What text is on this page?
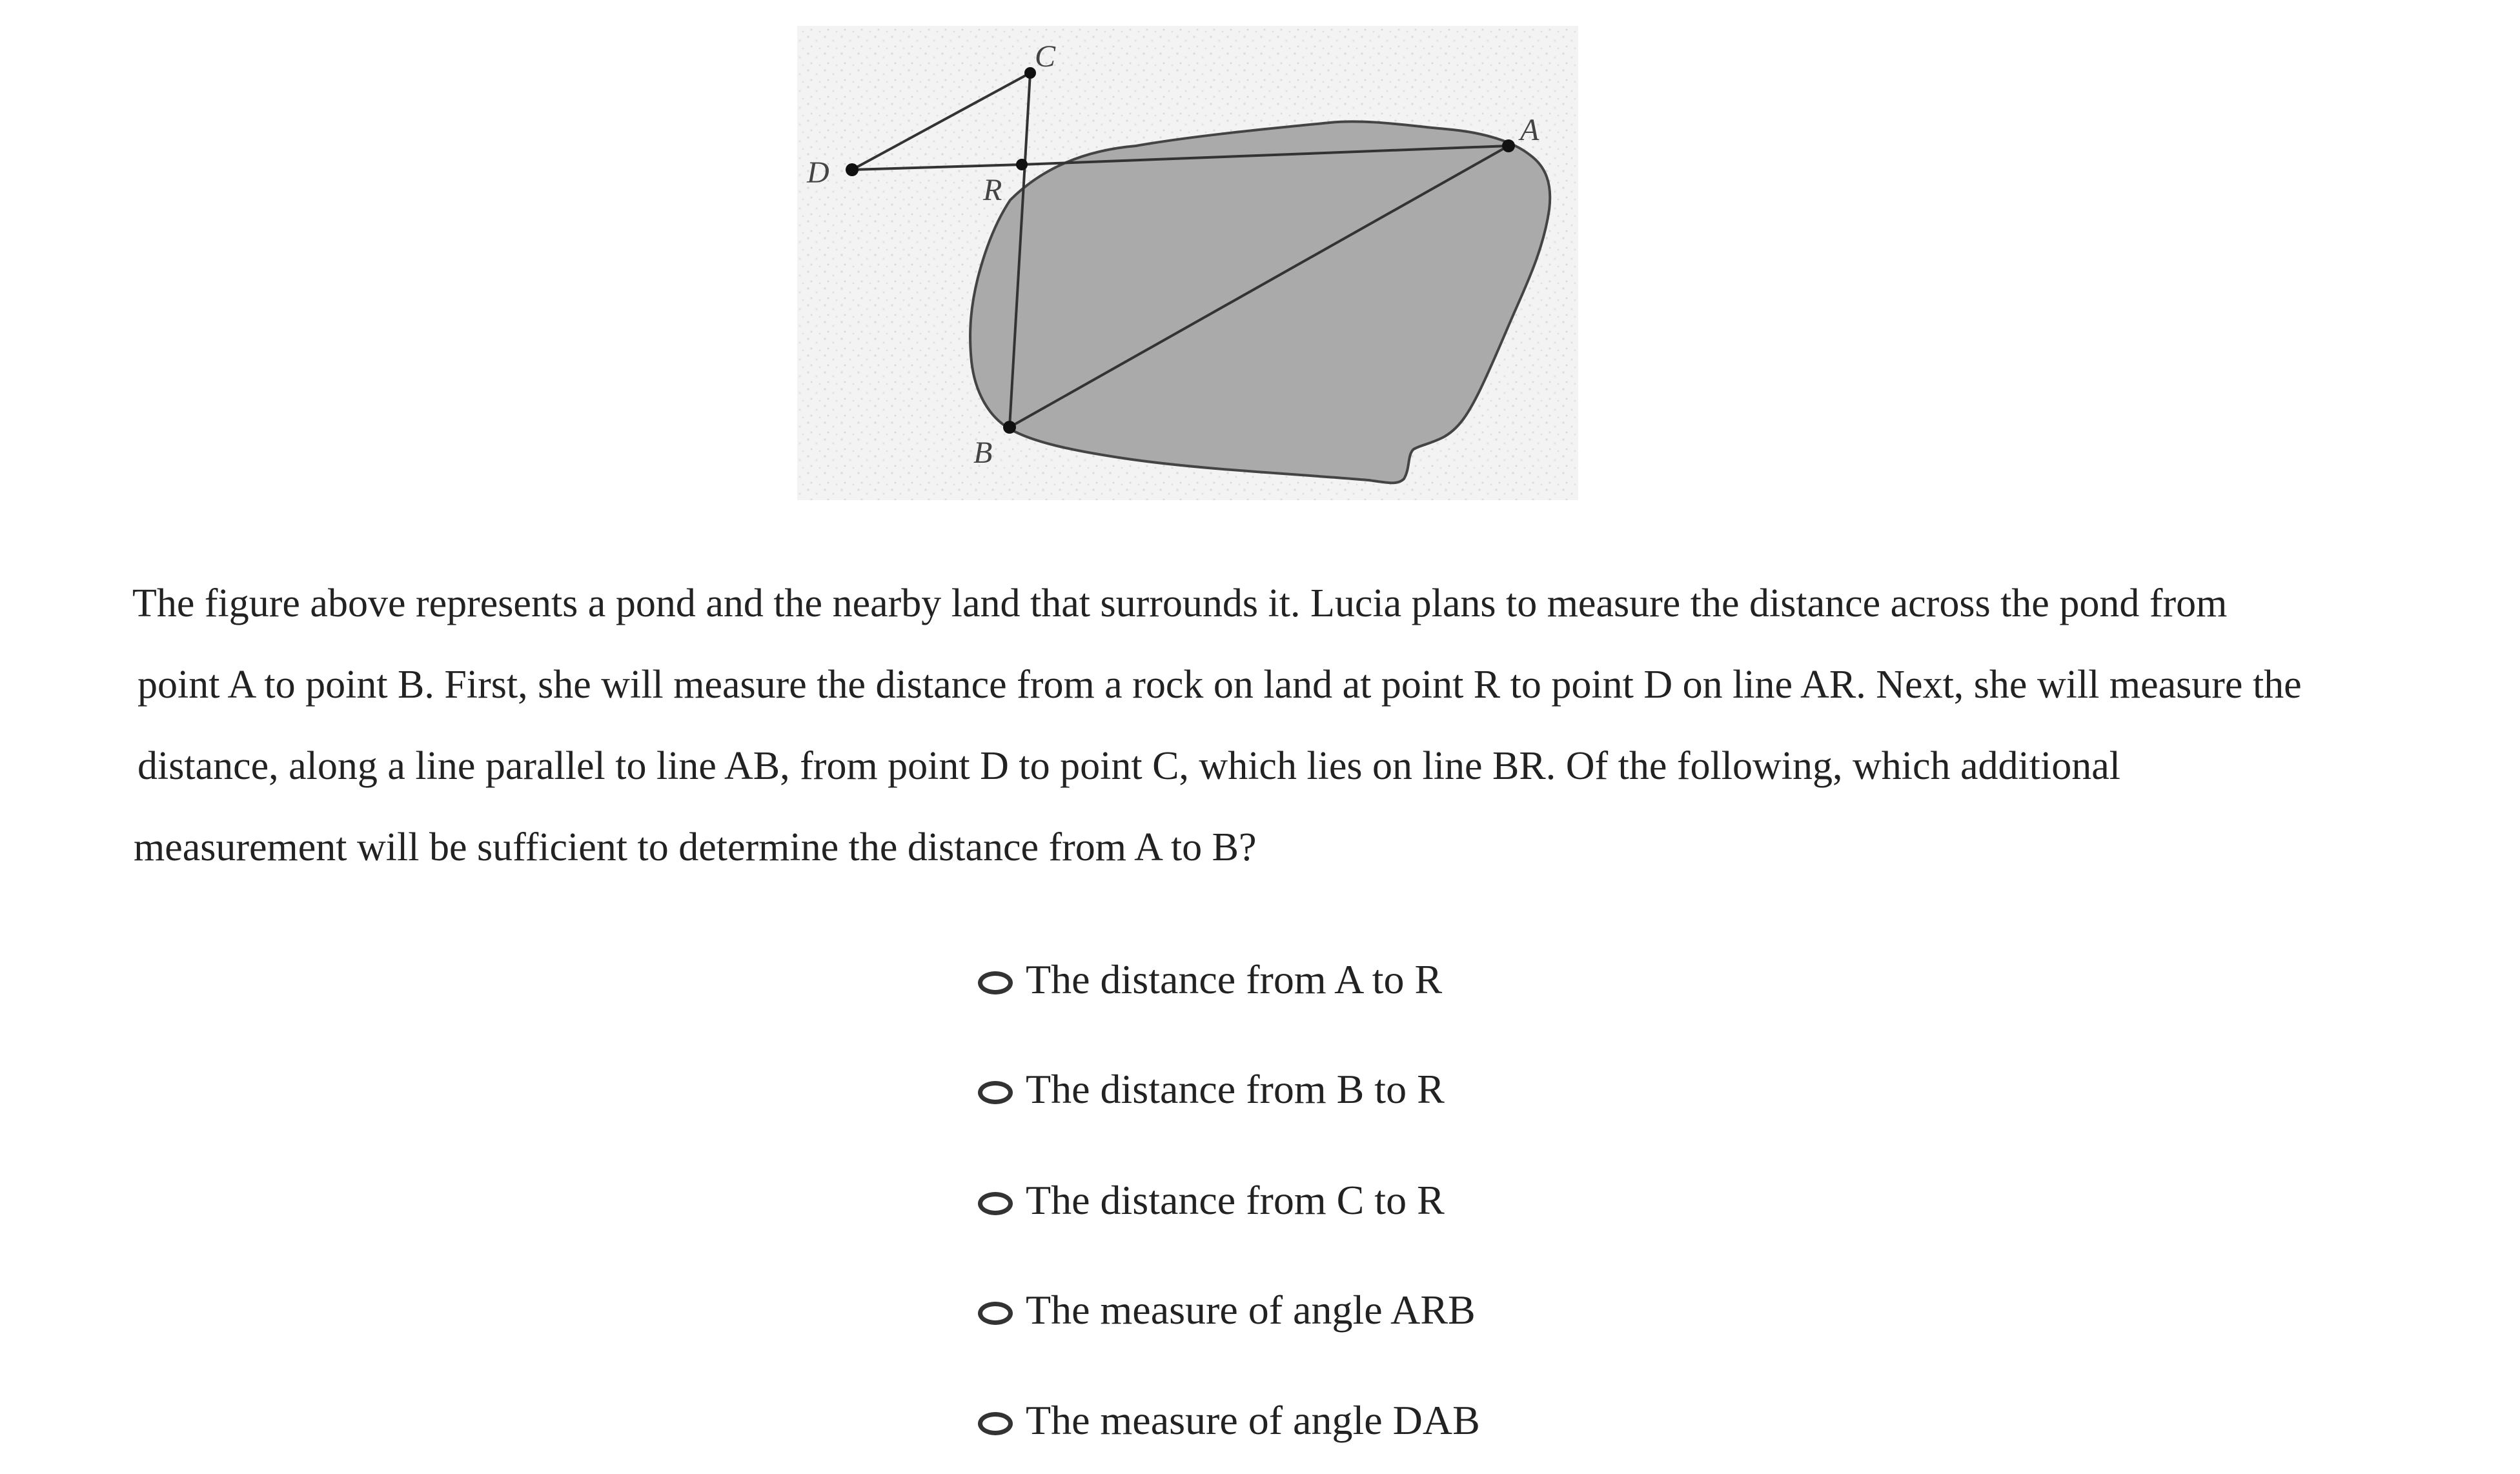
C
A
D
R
B
The figure above represents a pond and the nearby land that surrounds it. Lucia plans to measure the distance across the pond from
point A to point B. First, she will measure the distance from a rock on land at point R to point D on line AR. Next, she will measure the
distance, along a line parallel to line AB, from point D to point C, which lies on line BR. Of the following, which additional
measurement will be sufficient to determine the distance from A to B?
The distance from A to R
The distance from B to R
The distance from C to R
The measure of angle ARB
The measure of angle DAB
